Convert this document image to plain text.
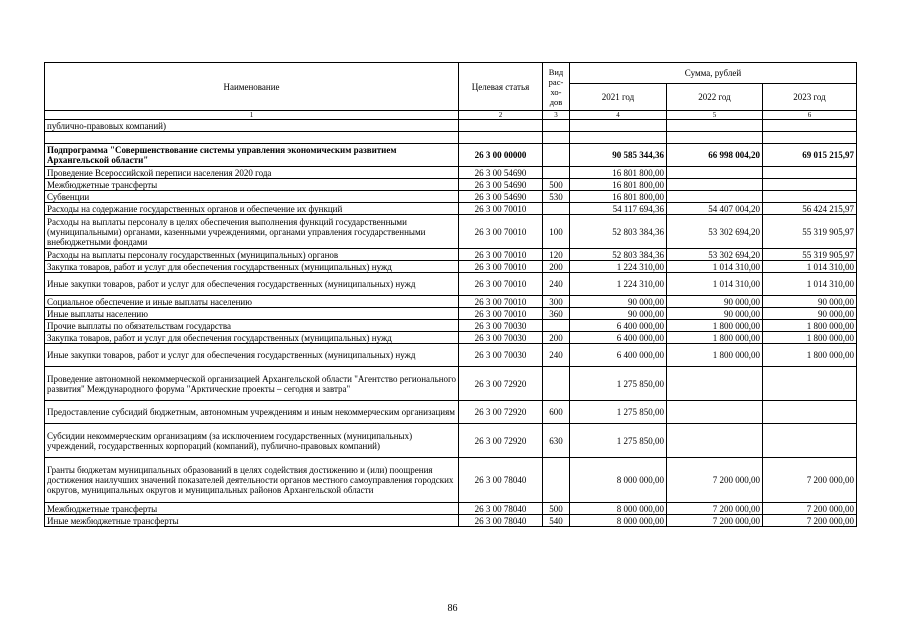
Наименование	Целевая статья	Вид рас-хо-дов	Сумма, рублей		
			2021 год	2022 год	2023 год
1	2	3	4	5	6
публично-правовых компаний)					

Подпрограмма "Совершенствование системы управления экономическим развитием Архангельской области"	26 3 00 00000		90 585 344,36	66 998 004,20	69 015 215,97
Проведение Всероссийской переписи населения 2020 года	26 3 00 54690		16 801 800,00		
Межбюджетные трансферты	26 3 00 54690	500	16 801 800,00		
Субвенции	26 3 00 54690	530	16 801 800,00		
Расходы на содержание государственных органов и обеспечение их функций	26 3 00 70010		54 117 694,36	54 407 004,20	56 424 215,97
Расходы на выплаты персоналу в целях обеспечения выполнения функций государственными (муниципальными) органами, казенными учреждениями, органами управления государственными внебюджетными фондами	26 3 00 70010	100	52 803 384,36	53 302 694,20	55 319 905,97
Расходы на выплаты персоналу государственных (муниципальных) органов	26 3 00 70010	120	52 803 384,36	53 302 694,20	55 319 905,97
Закупка товаров, работ и услуг для обеспечения государственных (муниципальных) нужд	26 3 00 70010	200	1 224 310,00	1 014 310,00	1 014 310,00
Иные закупки товаров, работ и услуг для обеспечения государственных (муниципальных) нужд	26 3 00 70010	240	1 224 310,00	1 014 310,00	1 014 310,00
Социальное обеспечение и иные выплаты населению	26 3 00 70010	300	90 000,00	90 000,00	90 000,00
Иные выплаты населению	26 3 00 70010	360	90 000,00	90 000,00	90 000,00
Прочие выплаты по обязательствам государства	26 3 00 70030		6 400 000,00	1 800 000,00	1 800 000,00
Закупка товаров, работ и услуг для обеспечения государственных (муниципальных) нужд	26 3 00 70030	200	6 400 000,00	1 800 000,00	1 800 000,00
Иные закупки товаров, работ и услуг для обеспечения государственных (муниципальных) нужд	26 3 00 70030	240	6 400 000,00	1 800 000,00	1 800 000,00
Проведение автономной некоммерческой организацией Архангельской области "Агентство регионального развития" Международного форума "Арктические проекты – сегодня и завтра"	26 3 00 72920		1 275 850,00		
Предоставление субсидий бюджетным, автономным учреждениям и иным некоммерческим организациям	26 3 00 72920	600	1 275 850,00		
Субсидии некоммерческим организациям (за исключением государственных (муниципальных) учреждений, государственных корпораций (компаний), публично-правовых компаний)	26 3 00 72920	630	1 275 850,00		
Гранты бюджетам муниципальных образований в целях содействия достижению и (или) поощрения достижения наилучших значений показателей деятельности органов местного самоуправления городских округов, муниципальных округов и муниципальных районов Архангельской области	26 3 00 78040		8 000 000,00	7 200 000,00	7 200 000,00
Межбюджетные трансферты	26 3 00 78040	500	8 000 000,00	7 200 000,00	7 200 000,00
Иные межбюджетные трансферты	26 3 00 78040	540	8 000 000,00	7 200 000,00	7 200 000,00
86
